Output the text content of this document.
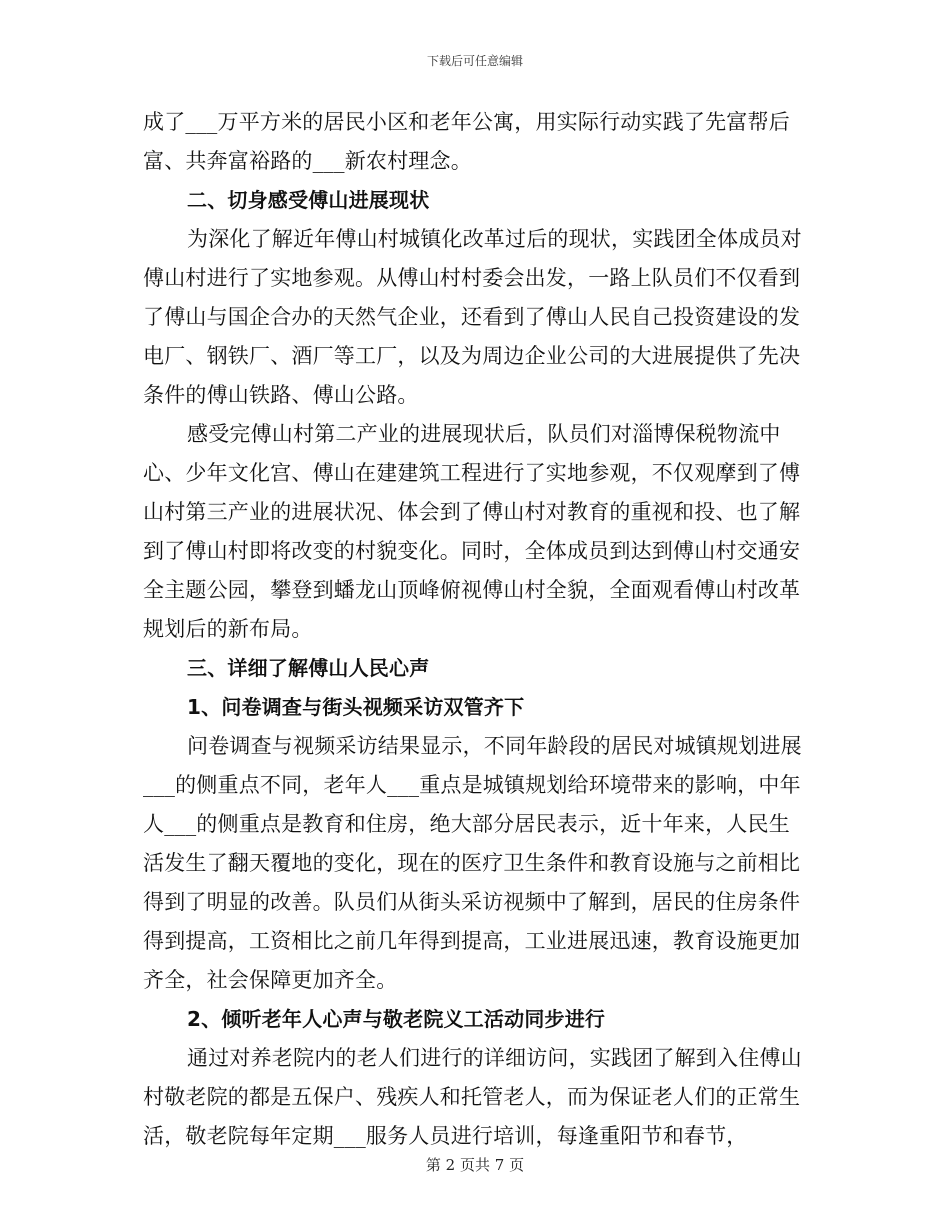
下载后可任意编辑

成了___万平方米的居民小区和老年公寓，用实际行动实践了先富帮后富、共奔富裕路的___新农村理念。

二、切身感受傅山进展现状

为深化了解近年傅山村城镇化改革过后的现状，实践团全体成员对傅山村进行了实地参观。从傅山村村委会出发，一路上队员们不仅看到了傅山与国企合办的天然气企业，还看到了傅山人民自己投资建设的发电厂、钢铁厂、酒厂等工厂，以及为周边企业公司的大进展提供了先决条件的傅山铁路、傅山公路。

感受完傅山村第二产业的进展现状后，队员们对淄博保税物流中心、少年文化宫、傅山在建建筑工程进行了实地参观，不仅观摩到了傅山村第三产业的进展状况、体会到了傅山村对教育的重视和投、也了解到了傅山村即将改变的村貌变化。同时，全体成员到达到傅山村交通安全主题公园，攀登到蟠龙山顶峰俯视傅山村全貌，全面观看傅山村改革规划后的新布局。

三、详细了解傅山人民心声

1、问卷调查与街头视频采访双管齐下

问卷调查与视频采访结果显示，不同年龄段的居民对城镇规划进展___的侧重点不同，老年人___重点是城镇规划给环境带来的影响，中年人___的侧重点是教育和住房，绝大部分居民表示，近十年来，人民生活发生了翻天覆地的变化，现在的医疗卫生条件和教育设施与之前相比得到了明显的改善。队员们从街头采访视频中了解到，居民的住房条件得到提高，工资相比之前几年得到提高，工业进展迅速，教育设施更加齐全，社会保障更加齐全。

2、倾听老年人心声与敬老院义工活动同步进行

通过对养老院内的老人们进行的详细访问，实践团了解到入住傅山村敬老院的都是五保户、残疾人和托管老人，而为保证老人们的正常生活，敬老院每年定期___服务人员进行培训，每逢重阳节和春节，

第 2 页共 7 页
